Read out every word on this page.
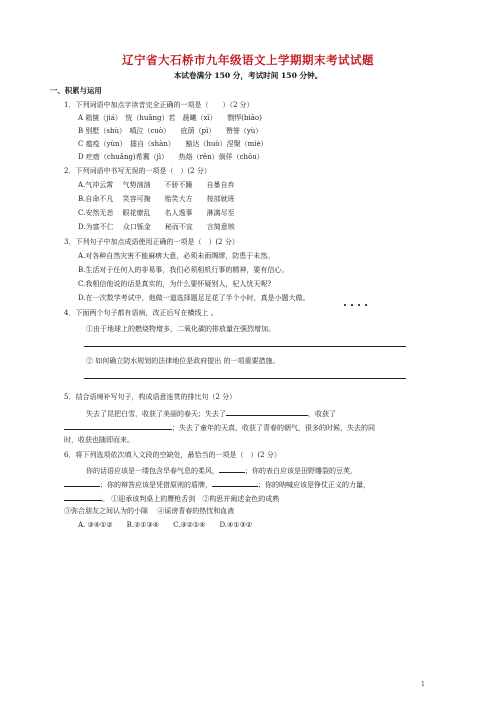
辽宁省大石桥市九年级语文上学期期末考试试题
本试卷满分 150 分，考试时间 150 分钟。
一、积累与运用
1．下列词语中加点字读音完全正确的一项是（　　）（2 分）
A 箱箧（jiá）　恍（huǎng）若　晨曦（xī）　　剽悍(biāo)
B 别墅（shù）　嗔泣（cuò）　　庇荫（pì）　　赞誉（yù）
C 瘟疫（yùn）　擂自（shàn）　　豁达（huò）涅槃（miè）
D 疙瘩（chuǎng)希冀（jì）　　热烙（rěn）倘佯（chǒu）
2．下列词语中书写无误的一项是（　）(2 分）
A.气冲云霄　 气势汹汹　　不骄不躁　　自暴自弃
B.自命不凡　 笑容可掬　　贻笑大方　　按部就班
C.安然无恙　 眼花缭乱　　名人逸事　　淋漓尽至
D.为富不仁　 众口铄金　　秘而不宣　　言简意赅
3．下列句子中加点成语使用正确的一项是（　）(2 分）
A.对各种自然灾害不能麻痹大意，必须未雨绸缪，防患于未然。
B.生活对于任何人的非易事，我们必须相机行事的精神，要有信心。
C.我相信他说的话是真实的，为什么要怀疑别人，杞人忧天呢?
D.在一次数学考试中，他做一道选择题足足花了半个小时，真是小题大做。
4．下面两个句子都有语病，改正后写在横线上 。
①由于地球上的燃烧物增多，二氧化碳的排放量在强烈增加。
② 如何确立防水规划的法律地位是政府提出 的一项重要措施。
5．结合语境补写句子，构成语意连贯的排比句（2 分）
失去了昆把白雪，收获了美丽的春天；失去了	，收获了
；失去了童年的天真，收获了青春的朝气，很多的时候，失去的同
时，收获也随即而来。
6．将下列选项依次填入文段的空缺处，最恰当的一项是（　）(2 分）
你的话语应该是一缕包含旱春气息的柔风，	；你的表白应该是田野雕裂的豆荚，
；你的辩答应该是凭借原则的盾牌，	；你的呐喊应该是铮仗正义的力量，
。 ①迎承该判桌上的赝枪舌剑　②构思并阐述金色的成熟
③弥合朋友之间认为的小隙　 ④谣谤青春的热忱和血液
A. ③④①②　　B.②①③④　　C.③②①④　　D.④①③②
1
